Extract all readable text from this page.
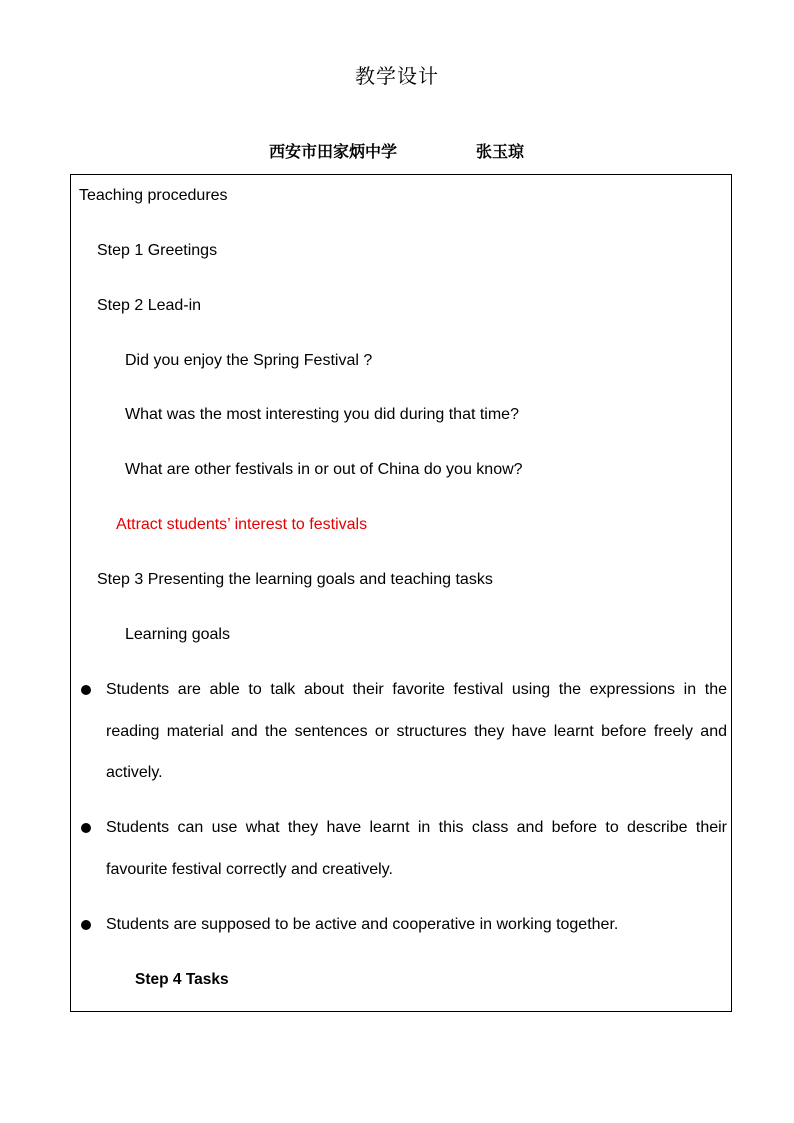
教学设计
西安市田家炳中学	张玉琼
Teaching procedures
Step 1 Greetings
Step 2 Lead-in
Did you enjoy the Spring Festival ?
What was the most interesting you did during that time?
What are other festivals in or out of China do you know?
Attract students’ interest to festivals
Step 3 Presenting the learning goals and teaching tasks
Learning goals
Students are able to talk about their favorite festival using the expressions in the reading material and the sentences or structures they have learnt before freely and actively.
Students can use what they have learnt in this class and before to describe their favourite festival correctly and creatively.
Students are supposed to be active and cooperative in working together.
Step 4 Tasks
